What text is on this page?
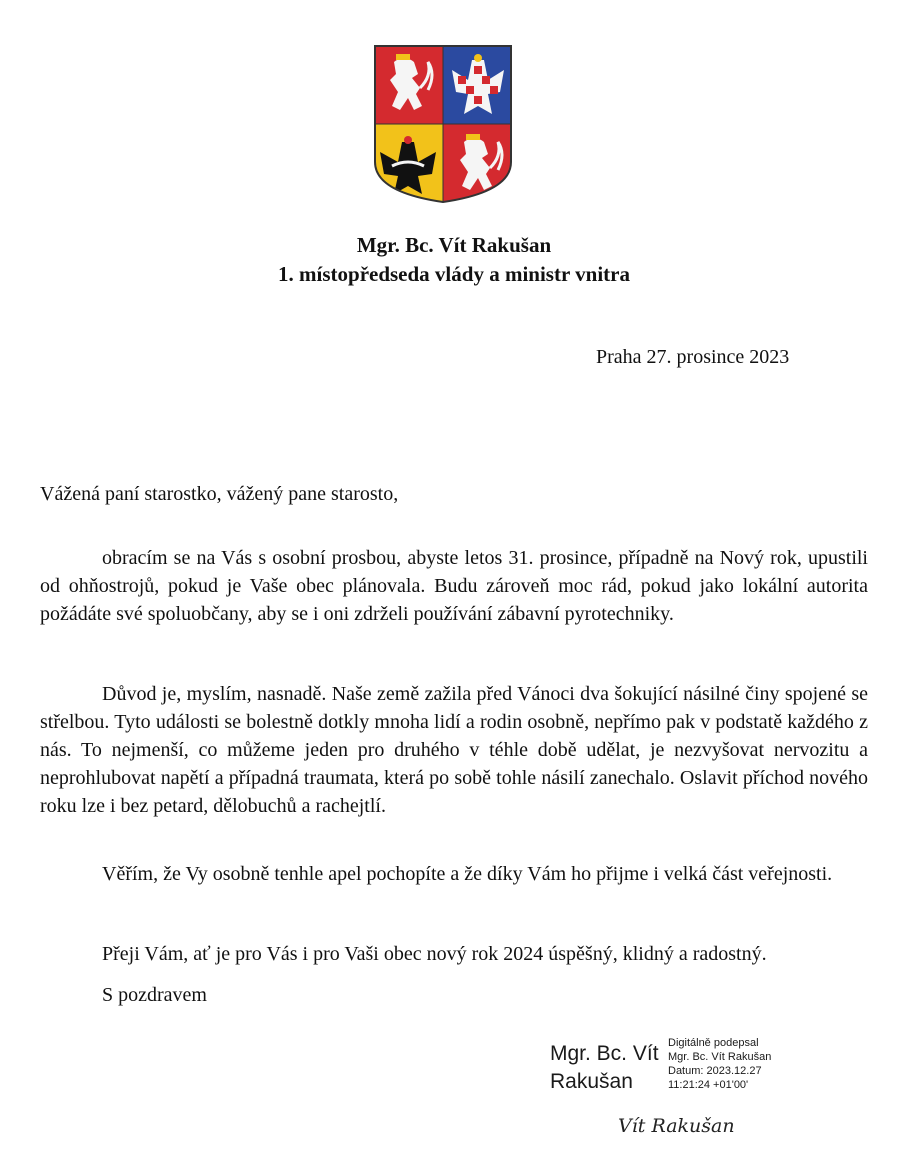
Mgr. Bc. Vít Rakušan
1. místopředseda vlády a ministr vnitra
Praha 27. prosince 2023
Vážená paní starostko, vážený pane starosto,

obracím se na Vás s osobní prosbou, abyste letos 31. prosince, případně na Nový rok, upustili od ohňostrojů, pokud je Vaše obec plánovala. Budu zároveň moc rád, pokud jako lokální autorita požádáte své spoluobčany, aby se i oni zdrželi používání zábavní pyrotechniky.

Důvod je, myslím, nasnadě. Naše země zažila před Vánoci dva šokující násilné činy spojené se střelbou. Tyto události se bolestně dotkly mnoha lidí a rodin osobně, nepřímo pak v podstatě každého z nás. To nejmenší, co můžeme jeden pro druhého v téhle době udělat, je nezvyšovat nervozitu a neprohlubovat napětí a případná traumata, která po sobě tohle násilí zanechalo. Oslavit příchod nového roku lze i bez petard, dělobuchů a rachejtlí.

Věřím, že Vy osobně tenhle apel pochopíte a že díky Vám ho přijme i velká část veřejnosti.

Přeji Vám, ať je pro Vás i pro Vaši obec nový rok 2024 úspěšný, klidný a radostný.

S pozdravem
Mgr. Bc. Vít
Rakušan
Digitálně podepsal
Mgr. Bc. Vít Rakušan
Datum: 2023.12.27
11:21:24 +01'00'
Vít Rakušan
